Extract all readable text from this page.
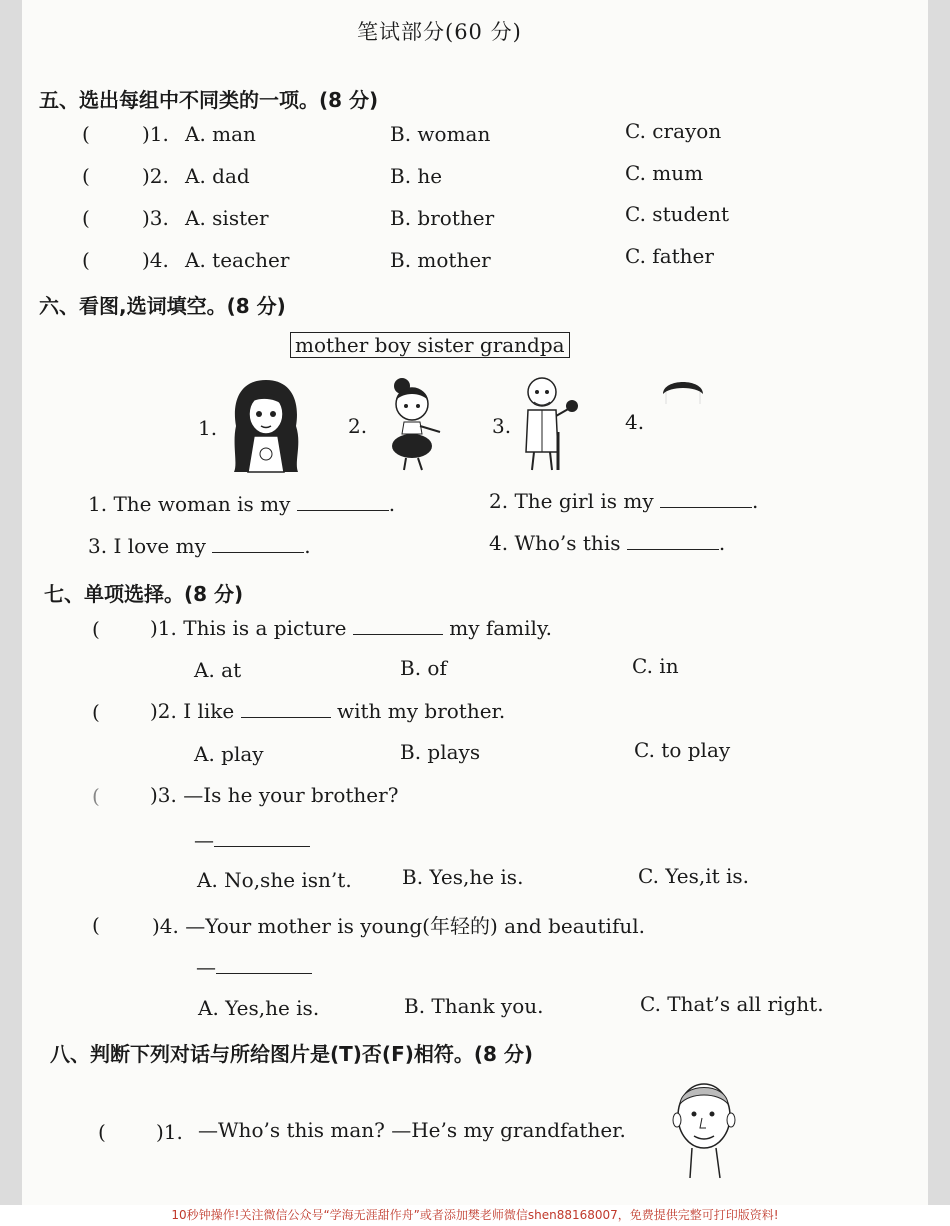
笔试部分(60 分)
五、选出每组中不同类的一项。(8 分)
(	)1. A. man	B. woman	C. crayon
(	)2. A. dad	B. he	C. mum
(	)3. A. sister	B. brother	C. student
(	)4. A. teacher	B. mother	C. father
六、看图,选词填空。(8 分)
mother boy sister grandpa
1.	2.	3.	4.
1. The woman is my	.	2. The girl is my	.
3. I love my	.	4. Who’s this	.
七、单项选择。(8 分)
(	)1. This is a picture	my family.
A. at	B. of	C. in
(	)2. I like	with my brother.
A. play	B. plays	C. to play
(	)3. —Is he your brother?
—
A. No,she isn’t.	B. Yes,he is.	C. Yes,it is.
(	)4. —Your mother is young(年轻的) and beautiful.
—
A. Yes,he is.	B. Thank you.	C. That’s all right.
八、判断下列对话与所给图片是(T)否(F)相符。(8 分)
(	)1. —Who’s this man? —He’s my grandfather.
10秒钟操作!关注微信公众号“学海无涯甜作舟”或者添加樊老师微信shen88168007，免费提供完整可打印版资料!
